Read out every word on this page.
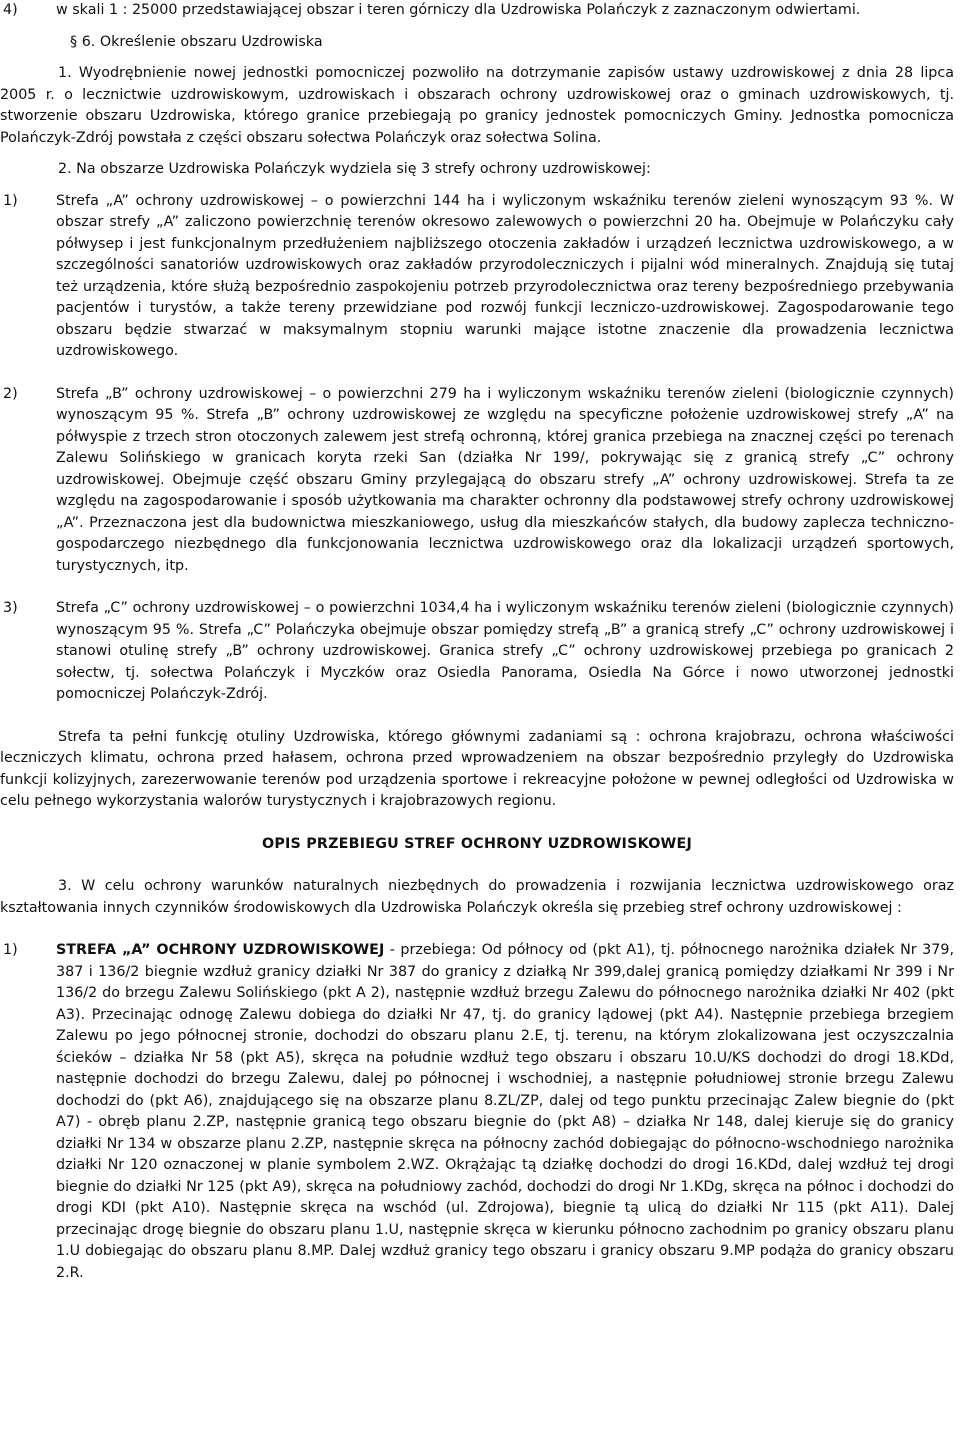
4)	w skali 1 : 25000 przedstawiającej obszar i teren górniczy dla Uzdrowiska Polańczyk z zaznaczonym odwiertami.

§ 6. Określenie obszaru Uzdrowiska

1. Wyodrębnienie nowej jednostki pomocniczej pozwoliło na dotrzymanie zapisów ustawy uzdrowiskowej z dnia 28 lipca 2005 r. o lecznictwie uzdrowiskowym, uzdrowiskach i obszarach ochrony uzdrowiskowej oraz o gminach uzdrowiskowych, tj. stworzenie obszaru Uzdrowiska, którego granice przebiegają po granicy jednostek pomocniczych Gminy. Jednostka pomocnicza Polańczyk-Zdrój powstała z części obszaru sołectwa Polańczyk oraz sołectwa Solina.

2. Na obszarze Uzdrowiska Polańczyk wydziela się 3 strefy ochrony uzdrowiskowej:

1)	Strefa „A” ochrony uzdrowiskowej – o powierzchni 144 ha i wyliczonym wskaźniku terenów zieleni wynoszącym 93 %. W obszar strefy „A” zaliczono powierzchnię terenów okresowo zalewowych o powierzchni 20 ha. Obejmuje w Polańczyku cały półwysep i jest funkcjonalnym przedłużeniem najbliższego otoczenia zakładów i urządzeń lecznictwa uzdrowiskowego, a w szczególności sanatoriów uzdrowiskowych oraz zakładów przyrodoleczniczych i pijalni wód mineralnych. Znajdują się tutaj też urządzenia, które służą bezpośrednio zaspokojeniu potrzeb przyrodolecznictwa oraz tereny bezpośredniego przebywania pacjentów i turystów, a także tereny przewidziane pod rozwój funkcji leczniczo-uzdrowiskowej. Zagospodarowanie tego obszaru będzie stwarzać w maksymalnym stopniu warunki mające istotne znaczenie dla prowadzenia lecznictwa uzdrowiskowego.
2)	Strefa „B” ochrony uzdrowiskowej – o powierzchni 279 ha i wyliczonym wskaźniku terenów zieleni (biologicznie czynnych) wynoszącym 95 %. Strefa „B” ochrony uzdrowiskowej ze względu na specyficzne położenie uzdrowiskowej strefy „A” na półwyspie z trzech stron otoczonych zalewem jest strefą ochronną, której granica przebiega na znacznej części po terenach Zalewu Solińskiego w granicach koryta rzeki San (działka Nr 199/, pokrywając się z granicą strefy „C” ochrony uzdrowiskowej. Obejmuje część obszaru Gminy przylegającą do obszaru strefy „A” ochrony uzdrowiskowej. Strefa ta ze względu na zagospodarowanie i sposób użytkowania ma charakter ochronny dla podstawowej strefy ochrony uzdrowiskowej „A”. Przeznaczona jest dla budownictwa mieszkaniowego, usług dla mieszkańców stałych, dla budowy zaplecza techniczno-gospodarczego niezbędnego dla funkcjonowania lecznictwa uzdrowiskowego oraz dla lokalizacji urządzeń sportowych, turystycznych, itp.
3)	Strefa „C” ochrony uzdrowiskowej – o powierzchni 1034,4 ha i wyliczonym wskaźniku terenów zieleni (biologicznie czynnych) wynoszącym 95 %. Strefa „C” Polańczyka obejmuje obszar pomiędzy strefą „B” a granicą strefy „C” ochrony uzdrowiskowej i stanowi otulinę strefy „B” ochrony uzdrowiskowej. Granica strefy „C” ochrony uzdrowiskowej przebiega po granicach 2 sołectw, tj. sołectwa Polańczyk i Myczków oraz Osiedla Panorama, Osiedla Na Górce i nowo utworzonej jednostki pomocniczej Polańczyk-Zdrój.

Strefa ta pełni funkcję otuliny Uzdrowiska, którego głównymi zadaniami są : ochrona krajobrazu, ochrona właściwości leczniczych klimatu, ochrona przed hałasem, ochrona przed wprowadzeniem na obszar bezpośrednio przyległy do Uzdrowiska funkcji kolizyjnych, zarezerwowanie terenów pod urządzenia sportowe i rekreacyjne położone w pewnej odległości od Uzdrowiska w celu pełnego wykorzystania walorów turystycznych i krajobrazowych regionu.

OPIS PRZEBIEGU STREF OCHRONY UZDROWISKOWEJ

3. W celu ochrony warunków naturalnych niezbędnych do prowadzenia i rozwijania lecznictwa uzdrowiskowego oraz kształtowania innych czynników środowiskowych dla Uzdrowiska Polańczyk określa się przebieg stref ochrony uzdrowiskowej :

1)	STREFA „A” OCHRONY UZDROWISKOWEJ - przebiega: Od północy od (pkt A1), tj. północnego narożnika działek Nr 379, 387 i 136/2 biegnie wzdłuż granicy działki Nr 387 do granicy z działką Nr 399,dalej granicą pomiędzy działkami Nr 399 i Nr 136/2 do brzegu Zalewu Solińskiego (pkt A 2), następnie wzdłuż brzegu Zalewu do północnego narożnika działki Nr 402 (pkt A3). Przecinając odnogę Zalewu dobiega do działki Nr 47, tj. do granicy lądowej (pkt A4). Następnie przebiega brzegiem Zalewu po jego północnej stronie, dochodzi do obszaru planu 2.E, tj. terenu, na którym zlokalizowana jest oczyszczalnia ścieków – działka Nr 58 (pkt A5), skręca na południe wzdłuż tego obszaru i obszaru 10.U/KS dochodzi do drogi 18.KDd, następnie dochodzi do brzegu Zalewu, dalej po północnej i wschodniej, a następnie południowej stronie brzegu Zalewu dochodzi do (pkt A6), znajdującego się na obszarze planu 8.ZL/ZP, dalej od tego punktu przecinając Zalew biegnie do (pkt A7) - obręb planu 2.ZP, następnie granicą tego obszaru biegnie do (pkt A8) – działka Nr 148, dalej kieruje się do granicy działki Nr 134 w obszarze planu 2.ZP, następnie skręca na północny zachód dobiegając do północno-wschodniego narożnika działki Nr 120 oznaczonej w planie symbolem 2.WZ. Okrążając tą działkę dochodzi do drogi 16.KDd, dalej wzdłuż tej drogi biegnie do działki Nr 125 (pkt A9), skręca na południowy zachód, dochodzi do drogi Nr 1.KDg, skręca na północ i dochodzi do drogi KDI (pkt A10). Następnie skręca na wschód (ul. Zdrojowa), biegnie tą ulicą do działki Nr 115 (pkt A11). Dalej przecinając drogę biegnie do obszaru planu 1.U, następnie skręca w kierunku północno zachodnim po granicy obszaru planu 1.U dobiegając do obszaru planu 8.MP. Dalej wzdłuż granicy tego obszaru i granicy obszaru 9.MP podąża do granicy obszaru 2.R.
